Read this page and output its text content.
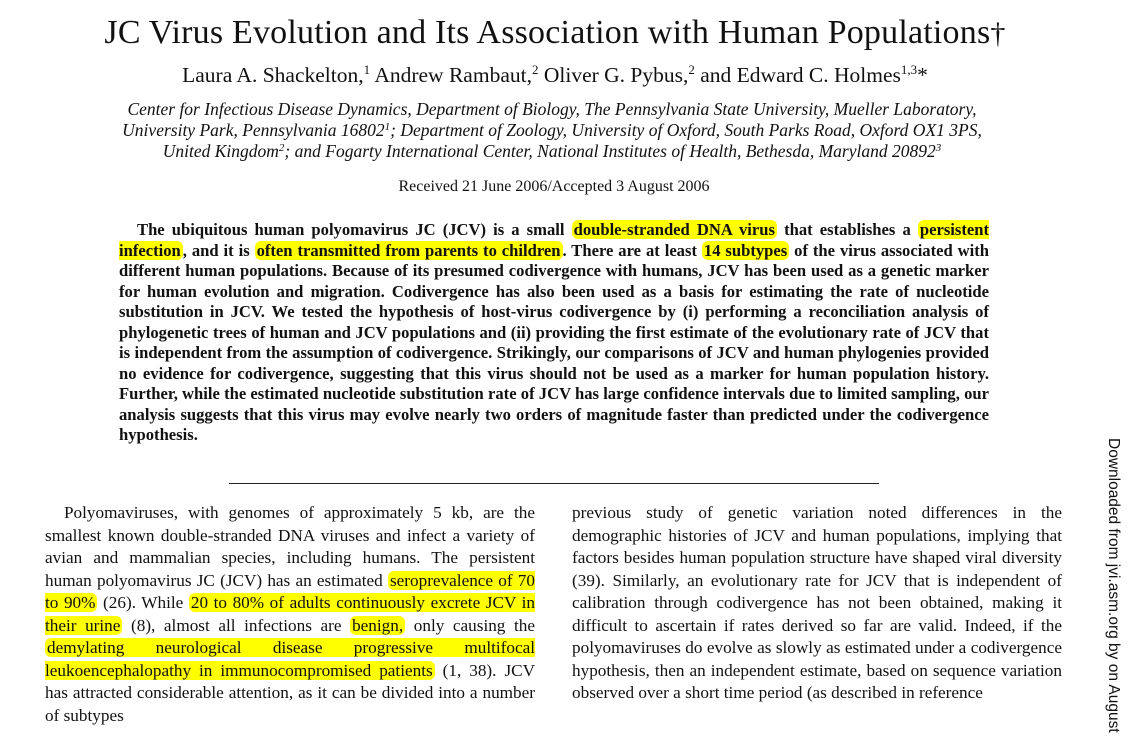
JC Virus Evolution and Its Association with Human Populations†
Laura A. Shackelton,$^1$ Andrew Rambaut,$^2$ Oliver G. Pybus,$^2$ and Edward C. Holmes$^{1,3}$*
Center for Infectious Disease Dynamics, Department of Biology, The Pennsylvania State University, Mueller Laboratory,
University Park, Pennsylvania 16802$^1$; Department of Zoology, University of Oxford, South Parks Road, Oxford OX1 3PS,
United Kingdom$^2$; and Fogarty International Center, National Institutes of Health, Bethesda, Maryland 20892$^3$
Received 21 June 2006/Accepted 3 August 2006
The ubiquitous human polyomavirus JC (JCV) is a small double-stranded DNA virus that establishes a persistent infection , and it is often transmitted from parents to children . There are at least 14 subtypes of the virus associated with different human populations. Because of its presumed codivergence with humans, JCV has been used as a genetic marker for human evolution and migration. Codivergence has also been used as a basis for estimating the rate of nucleotide substitution in JCV. We tested the hypothesis of host-virus codivergence by (i) performing a reconciliation analysis of phylogenetic trees of human and JCV populations and (ii) providing the first estimate of the evolutionary rate of JCV that is independent from the assumption of codivergence. Strikingly, our comparisons of JCV and human phylogenies provided no evidence for codivergence, suggesting that this virus should not be used as a marker for human population history. Further, while the estimated nucleotide substitution rate of JCV has large confidence intervals due to limited sampling, our analysis suggests that this virus may evolve nearly two orders of magnitude faster than predicted under the codivergence hypothesis.

Polyomaviruses, with genomes of approximately 5 kb, are the smallest known double-stranded DNA viruses and infect a variety of avian and mammalian species, including humans. The persistent human polyomavirus JC (JCV) has an estimated seroprevalence of 70 to 90% (26). While 20 to 80% of adults continuously excrete JCV in their urine (8), almost all infections are benign, only causing the demylating neurological disease progressive multifocal leukoencephalopathy in immunocompromised patients (1, 38). JCV has attracted considerable attention, as it can be divided into a number of subtypes

previous study of genetic variation noted differences in the demographic histories of JCV and human populations, implying that factors besides human population structure have shaped viral diversity (39). Similarly, an evolutionary rate for JCV that is independent of calibration through codivergence has not been obtained, making it difficult to ascertain if rates derived so far are valid. Indeed, if the polyomaviruses do evolve as slowly as estimated under a codivergence hypothesis, then an independent estimate, based on sequence variation observed over a short time period (as described in reference	Downloaded from jvi.asm.org by on August
